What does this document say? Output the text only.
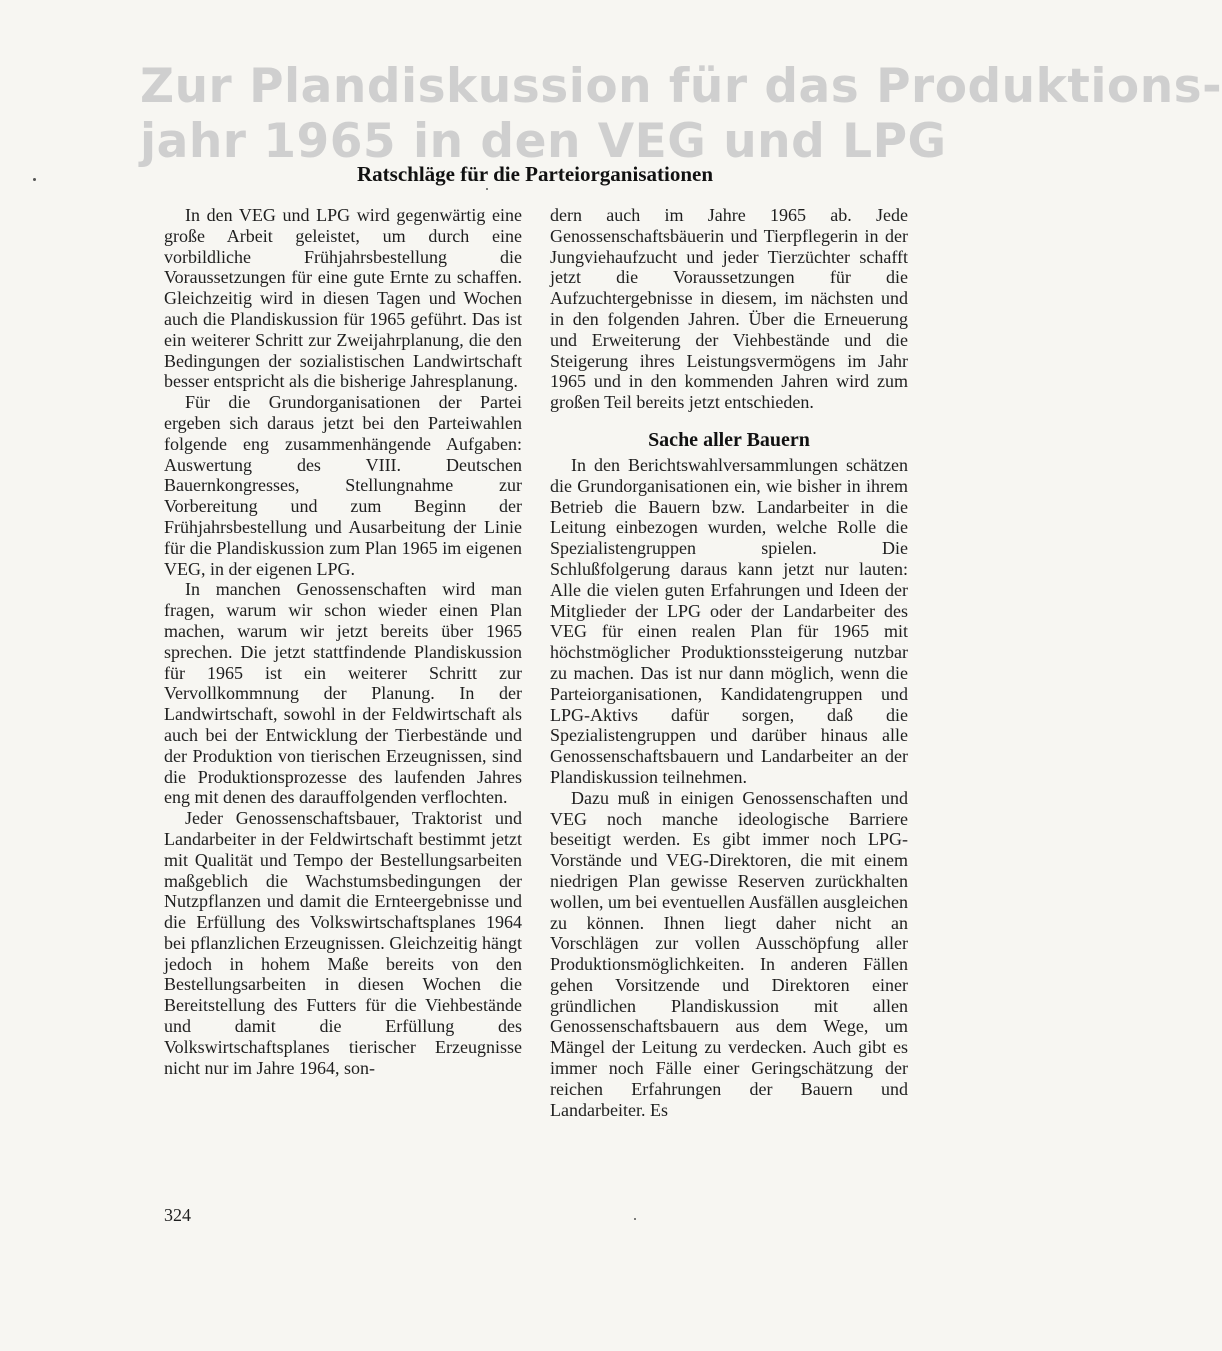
Zur Plandiskussion für das Produktions-
jahr 1965 in den VEG und LPG
Ratschläge für die Parteiorganisationen

In den VEG und LPG wird gegenwärtig eine große Arbeit geleistet, um durch eine vorbildliche Frühjahrsbestellung die Voraussetzungen für eine gute Ernte zu schaffen. Gleichzeitig wird in diesen Tagen und Wochen auch die Plandiskussion für 1965 geführt. Das ist ein weiterer Schritt zur Zweijahrplanung, die den Bedingungen der sozialistischen Landwirtschaft besser entspricht als die bisherige Jahresplanung.

Für die Grundorganisationen der Partei ergeben sich daraus jetzt bei den Parteiwahlen folgende eng zusammenhängende Aufgaben: Auswertung des VIII. Deutschen Bauernkongresses, Stellungnahme zur Vorbereitung und zum Beginn der Frühjahrsbestellung und Ausarbeitung der Linie für die Plandiskussion zum Plan 1965 im eigenen VEG, in der eigenen LPG.

In manchen Genossenschaften wird man fragen, warum wir schon wieder einen Plan machen, warum wir jetzt bereits über 1965 sprechen. Die jetzt stattfindende Plandiskussion für 1965 ist ein weiterer Schritt zur Vervollkommnung der Planung. In der Landwirtschaft, sowohl in der Feldwirtschaft als auch bei der Entwicklung der Tierbestände und der Produktion von tierischen Erzeugnissen, sind die Produktionsprozesse des laufenden Jahres eng mit denen des darauffolgenden verflochten.

Jeder Genossenschaftsbauer, Traktorist und Landarbeiter in der Feldwirtschaft bestimmt jetzt mit Qualität und Tempo der Bestellungsarbeiten maßgeblich die Wachstumsbedingungen der Nutzpflanzen und damit die Ernteergebnisse und die Erfüllung des Volkswirtschaftsplanes 1964 bei pflanzlichen Erzeugnissen. Gleichzeitig hängt jedoch in hohem Maße bereits von den Bestellungsarbeiten in diesen Wochen die Bereitstellung des Futters für die Viehbestände und damit die Erfüllung des Volkswirtschaftsplanes tierischer Erzeugnisse nicht nur im Jahre 1964, son-

dern auch im Jahre 1965 ab. Jede Genossenschaftsbäuerin und Tierpflegerin in der Jungviehaufzucht und jeder Tierzüchter schafft jetzt die Voraussetzungen für die Aufzuchtergebnisse in diesem, im nächsten und in den folgenden Jahren. Über die Erneuerung und Erweiterung der Viehbestände und die Steigerung ihres Leistungsvermögens im Jahr 1965 und in den kommenden Jahren wird zum großen Teil bereits jetzt entschieden.

Sache aller Bauern

In den Berichtswahlversammlungen schätzen die Grundorganisationen ein, wie bisher in ihrem Betrieb die Bauern bzw. Landarbeiter in die Leitung einbezogen wurden, welche Rolle die Spezialistengruppen spielen. Die Schlußfolgerung daraus kann jetzt nur lauten: Alle die vielen guten Erfahrungen und Ideen der Mitglieder der LPG oder der Landarbeiter des VEG für einen realen Plan für 1965 mit höchstmöglicher Produktionssteigerung nutzbar zu machen. Das ist nur dann möglich, wenn die Parteiorganisationen, Kandidatengruppen und LPG-Aktivs dafür sorgen, daß die Spezialistengruppen und darüber hinaus alle Genossenschaftsbauern und Landarbeiter an der Plandiskussion teilnehmen.

Dazu muß in einigen Genossenschaften und VEG noch manche ideologische Barriere beseitigt werden. Es gibt immer noch LPG-Vorstände und VEG-Direktoren, die mit einem niedrigen Plan gewisse Reserven zurückhalten wollen, um bei eventuellen Ausfällen ausgleichen zu können. Ihnen liegt daher nicht an Vorschlägen zur vollen Ausschöpfung aller Produktionsmöglichkeiten. In anderen Fällen gehen Vorsitzende und Direktoren einer gründlichen Plandiskussion mit allen Genossenschaftsbauern aus dem Wege, um Mängel der Leitung zu verdecken. Auch gibt es immer noch Fälle einer Geringschätzung der reichen Erfahrungen der Bauern und Landarbeiter. Es

324
